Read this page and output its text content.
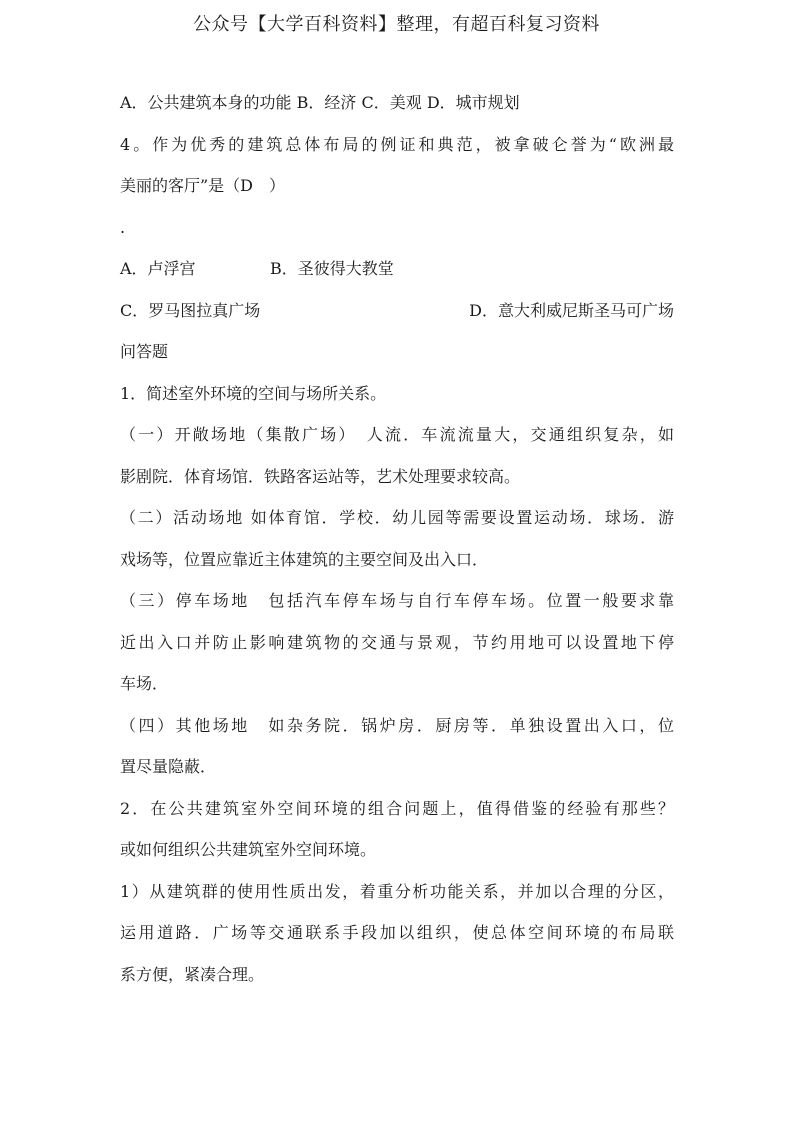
公众号【大学百科资料】整理，有超百科复习资料
A．公共建筑本身的功能 B．经济 C．美观 D．城市规划
4。作为优秀的建筑总体布局的例证和典范，被拿破仑誉为“欧洲最
美丽的客厅”是（D　）
.
A．卢浮宫	B．圣彼得大教堂
C．罗马图拉真广场	D．意大利威尼斯圣马可广场
问答题
1．简述室外环境的空间与场所关系。
（一）开敞场地（集散广场）　人流．车流流量大，交通组织复杂，如
影剧院．体育场馆．铁路客运站等，艺术处理要求较高。
（二）活动场地 如体育馆．学校．幼儿园等需要设置运动场．球场．游
戏场等，位置应靠近主体建筑的主要空间及出入口．
（三）停车场地　包括汽车停车场与自行车停车场。位置一般要求靠
近出入口并防止影响建筑物的交通与景观，节约用地可以设置地下停
车场．
（四）其他场地　如杂务院．锅炉房．厨房等．单独设置出入口，位
置尽量隐蔽．
2．在公共建筑室外空间环境的组合问题上，值得借鉴的经验有那些？
或如何组织公共建筑室外空间环境。
1）从建筑群的使用性质出发，着重分析功能关系，并加以合理的分区，
运用道路．广场等交通联系手段加以组织，使总体空间环境的布局联
系方便，紧凑合理。
